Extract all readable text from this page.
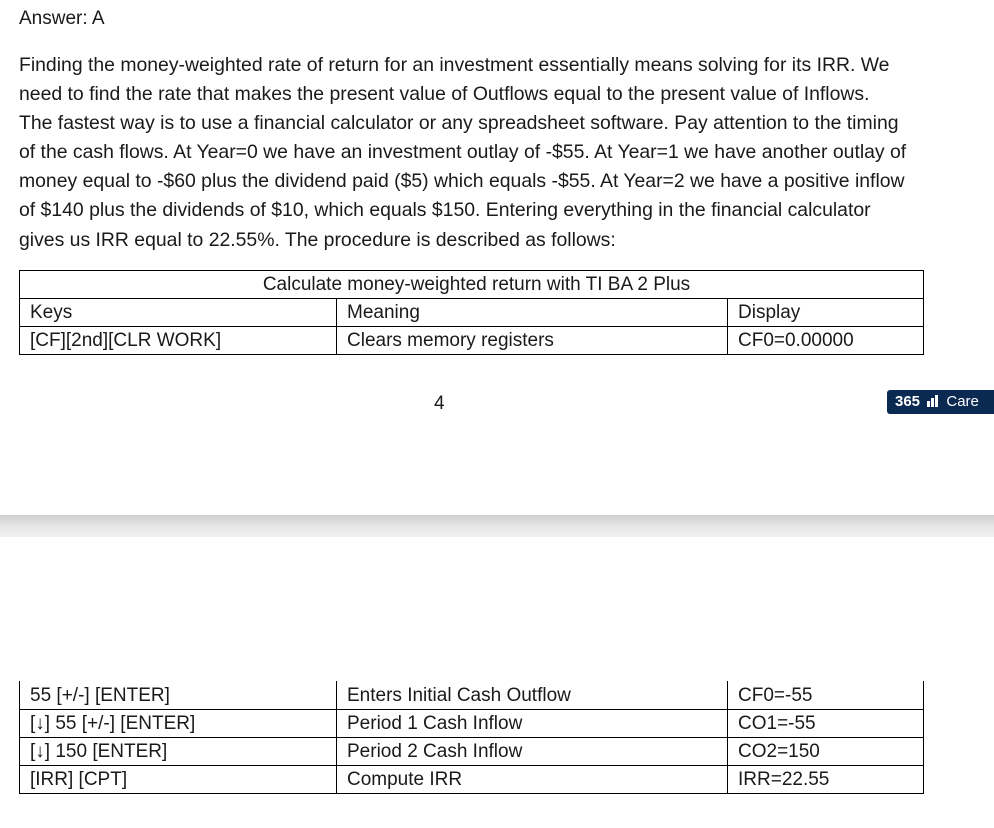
Answer: A
Finding the money-weighted rate of return for an investment essentially means solving for its IRR. We
need to find the rate that makes the present value of Outflows equal to the present value of Inflows.
The fastest way is to use a financial calculator or any spreadsheet software. Pay attention to the timing
of the cash flows. At Year=0 we have an investment outlay of -$55. At Year=1 we have another outlay of
money equal to -$60 plus the dividend paid ($5) which equals -$55. At Year=2 we have a positive inflow
of $140 plus the dividends of $10, which equals $150. Entering everything in the financial calculator
gives us IRR equal to 22.55%. The procedure is described as follows:
Calculate money-weighted return with TI BA 2 Plus		
Keys	Meaning	Display
[CF][2nd][CLR WORK]	Clears memory registers	CF0=0.00000
4	365 Care
55 [+/-] [ENTER]	Enters Initial Cash Outflow	CF0=-55
[↓] 55 [+/-] [ENTER]	Period 1 Cash Inflow	CO1=-55
[↓] 150 [ENTER]	Period 2 Cash Inflow	CO2=150
[IRR] [CPT]	Compute IRR	IRR=22.55
